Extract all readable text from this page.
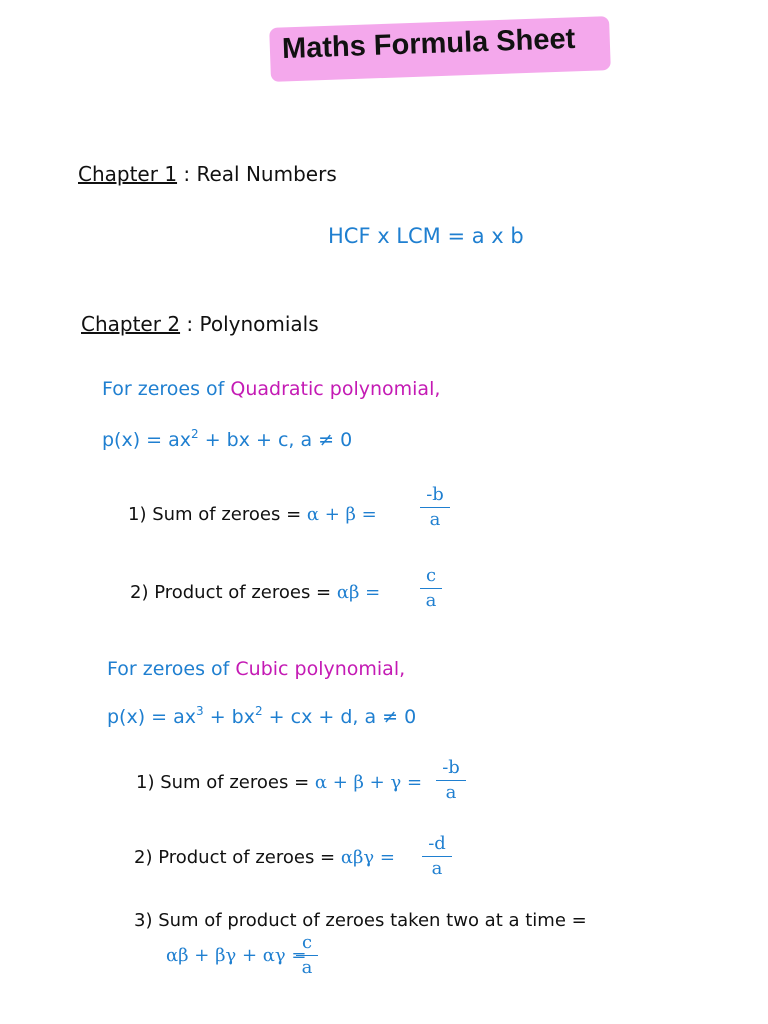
Maths Formula Sheet
Chapter 1 : Real Numbers
HCF x LCM = a x b
Chapter 2 : Polynomials
For zeroes of Quadratic polynomial,
$p(x) = ax^2$ + bx + c, a ≠ 0
1) Sum of zeroes = α + β =
-b
a
2) Product of zeroes = αβ =
c
a
For zeroes of Cubic polynomial,
$p(x) = ax^3 + bx^2$ + cx + d, a ≠ 0
1) Sum of zeroes = α + β + γ =
-b
a
2) Product of zeroes = αβγ =
-d
a
3) Sum of product of zeroes taken two at a time =
αβ + βγ + αγ =
c
a
